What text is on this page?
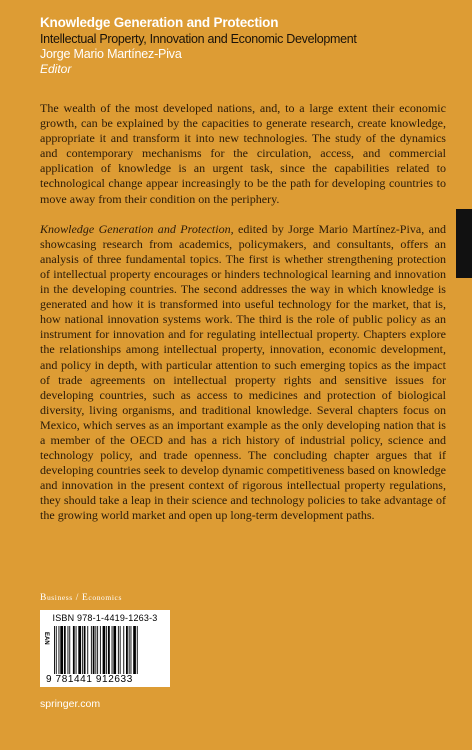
Knowledge Generation and Protection
Intellectual Property, Innovation and Economic Development
Jorge Mario Martínez-Piva
Editor

The wealth of the most developed nations, and, to a large extent their economic growth, can be explained by the capacities to generate research, create knowledge, appropriate it and transform it into new technologies. The study of the dynamics and contemporary mechanisms for the circulation, access, and commercial application of knowledge is an urgent task, since the capabilities related to technological change appear increasingly to be the path for developing countries to move away from their condition on the periphery.

Knowledge Generation and Protection, edited by Jorge Mario Martínez-Piva, and showcasing research from academics, policymakers, and consultants, offers an analysis of three fundamental topics. The first is whether strengthening protection of intellectual property encourages or hinders technological learning and innovation in the developing countries. The second addresses the way in which knowledge is generated and how it is transformed into useful technology for the market, that is, how national innovation systems work. The third is the role of public policy as an instrument for innovation and for regulating intellectual property. Chapters explore the relationships among intellectual property, innovation, economic development, and policy in depth, with particular attention to such emerging topics as the impact of trade agreements on intellectual property rights and sensitive issues for developing countries, such as access to medicines and protection of biological diversity, living organisms, and traditional knowledge. Several chapters focus on Mexico, which serves as an important example as the only developing nation that is a member of the OECD and has a rich history of industrial policy, science and technology policy, and trade openness. The concluding chapter argues that if developing countries seek to develop dynamic competitiveness based on knowledge and innovation in the present context of rigorous intellectual property regulations, they should take a leap in their science and technology policies to take advantage of the growing world market and open up long-term development paths.

Business / Economics
ISBN 978-1-4419-1263-3
EAN
9 781441 912633
springer.com
